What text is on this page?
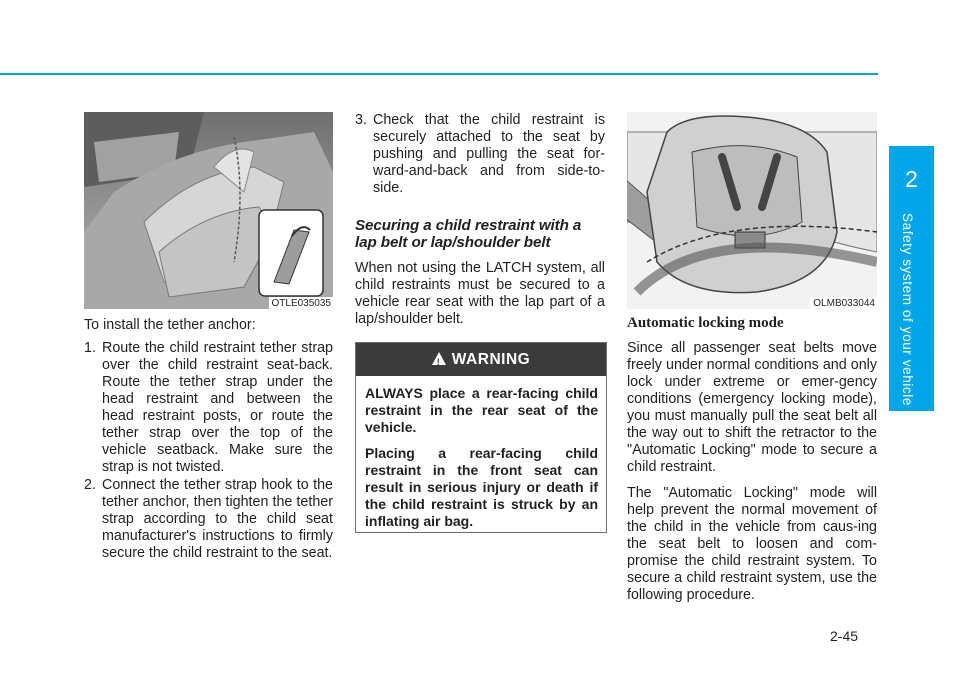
2
Safety system of your vehicle
OTLE035035

To install the tether anchor:

1. Route the child restraint tether strap over the child restraint seat-back. Route the tether strap under the head restraint and between the head restraint posts, or route the tether strap over the top of the vehicle seatback. Make sure the strap is not twisted.
2. Connect the tether strap hook to the tether anchor, then tighten the tether strap according to the child seat manufacturer's instructions to firmly secure the child restraint to the seat.
3. Check that the child restraint is securely attached to the seat by pushing and pulling the seat for-ward-and-back and from side-to-side.
Securing a child restraint with a lap belt or lap/shoulder belt

When not using the LATCH system, all child restraints must be secured to a vehicle rear seat with the lap part of a lap/shoulder belt.

!
WARNING

ALWAYS place a rear-facing child restraint in the rear seat of the vehicle.

Placing a rear-facing child restraint in the front seat can result in serious injury or death if the child restraint is struck by an inflating air bag.

OLMB033044
Automatic locking mode

Since all passenger seat belts move freely under normal conditions and only lock under extreme or emer-gency conditions (emergency locking mode), you must manually pull the seat belt all the way out to shift the retractor to the "Automatic Locking" mode to secure a child restraint.

The "Automatic Locking" mode will help prevent the normal movement of the child in the vehicle from caus-ing the seat belt to loosen and com-promise the child restraint system. To secure a child restraint system, use the following procedure.

2-45
